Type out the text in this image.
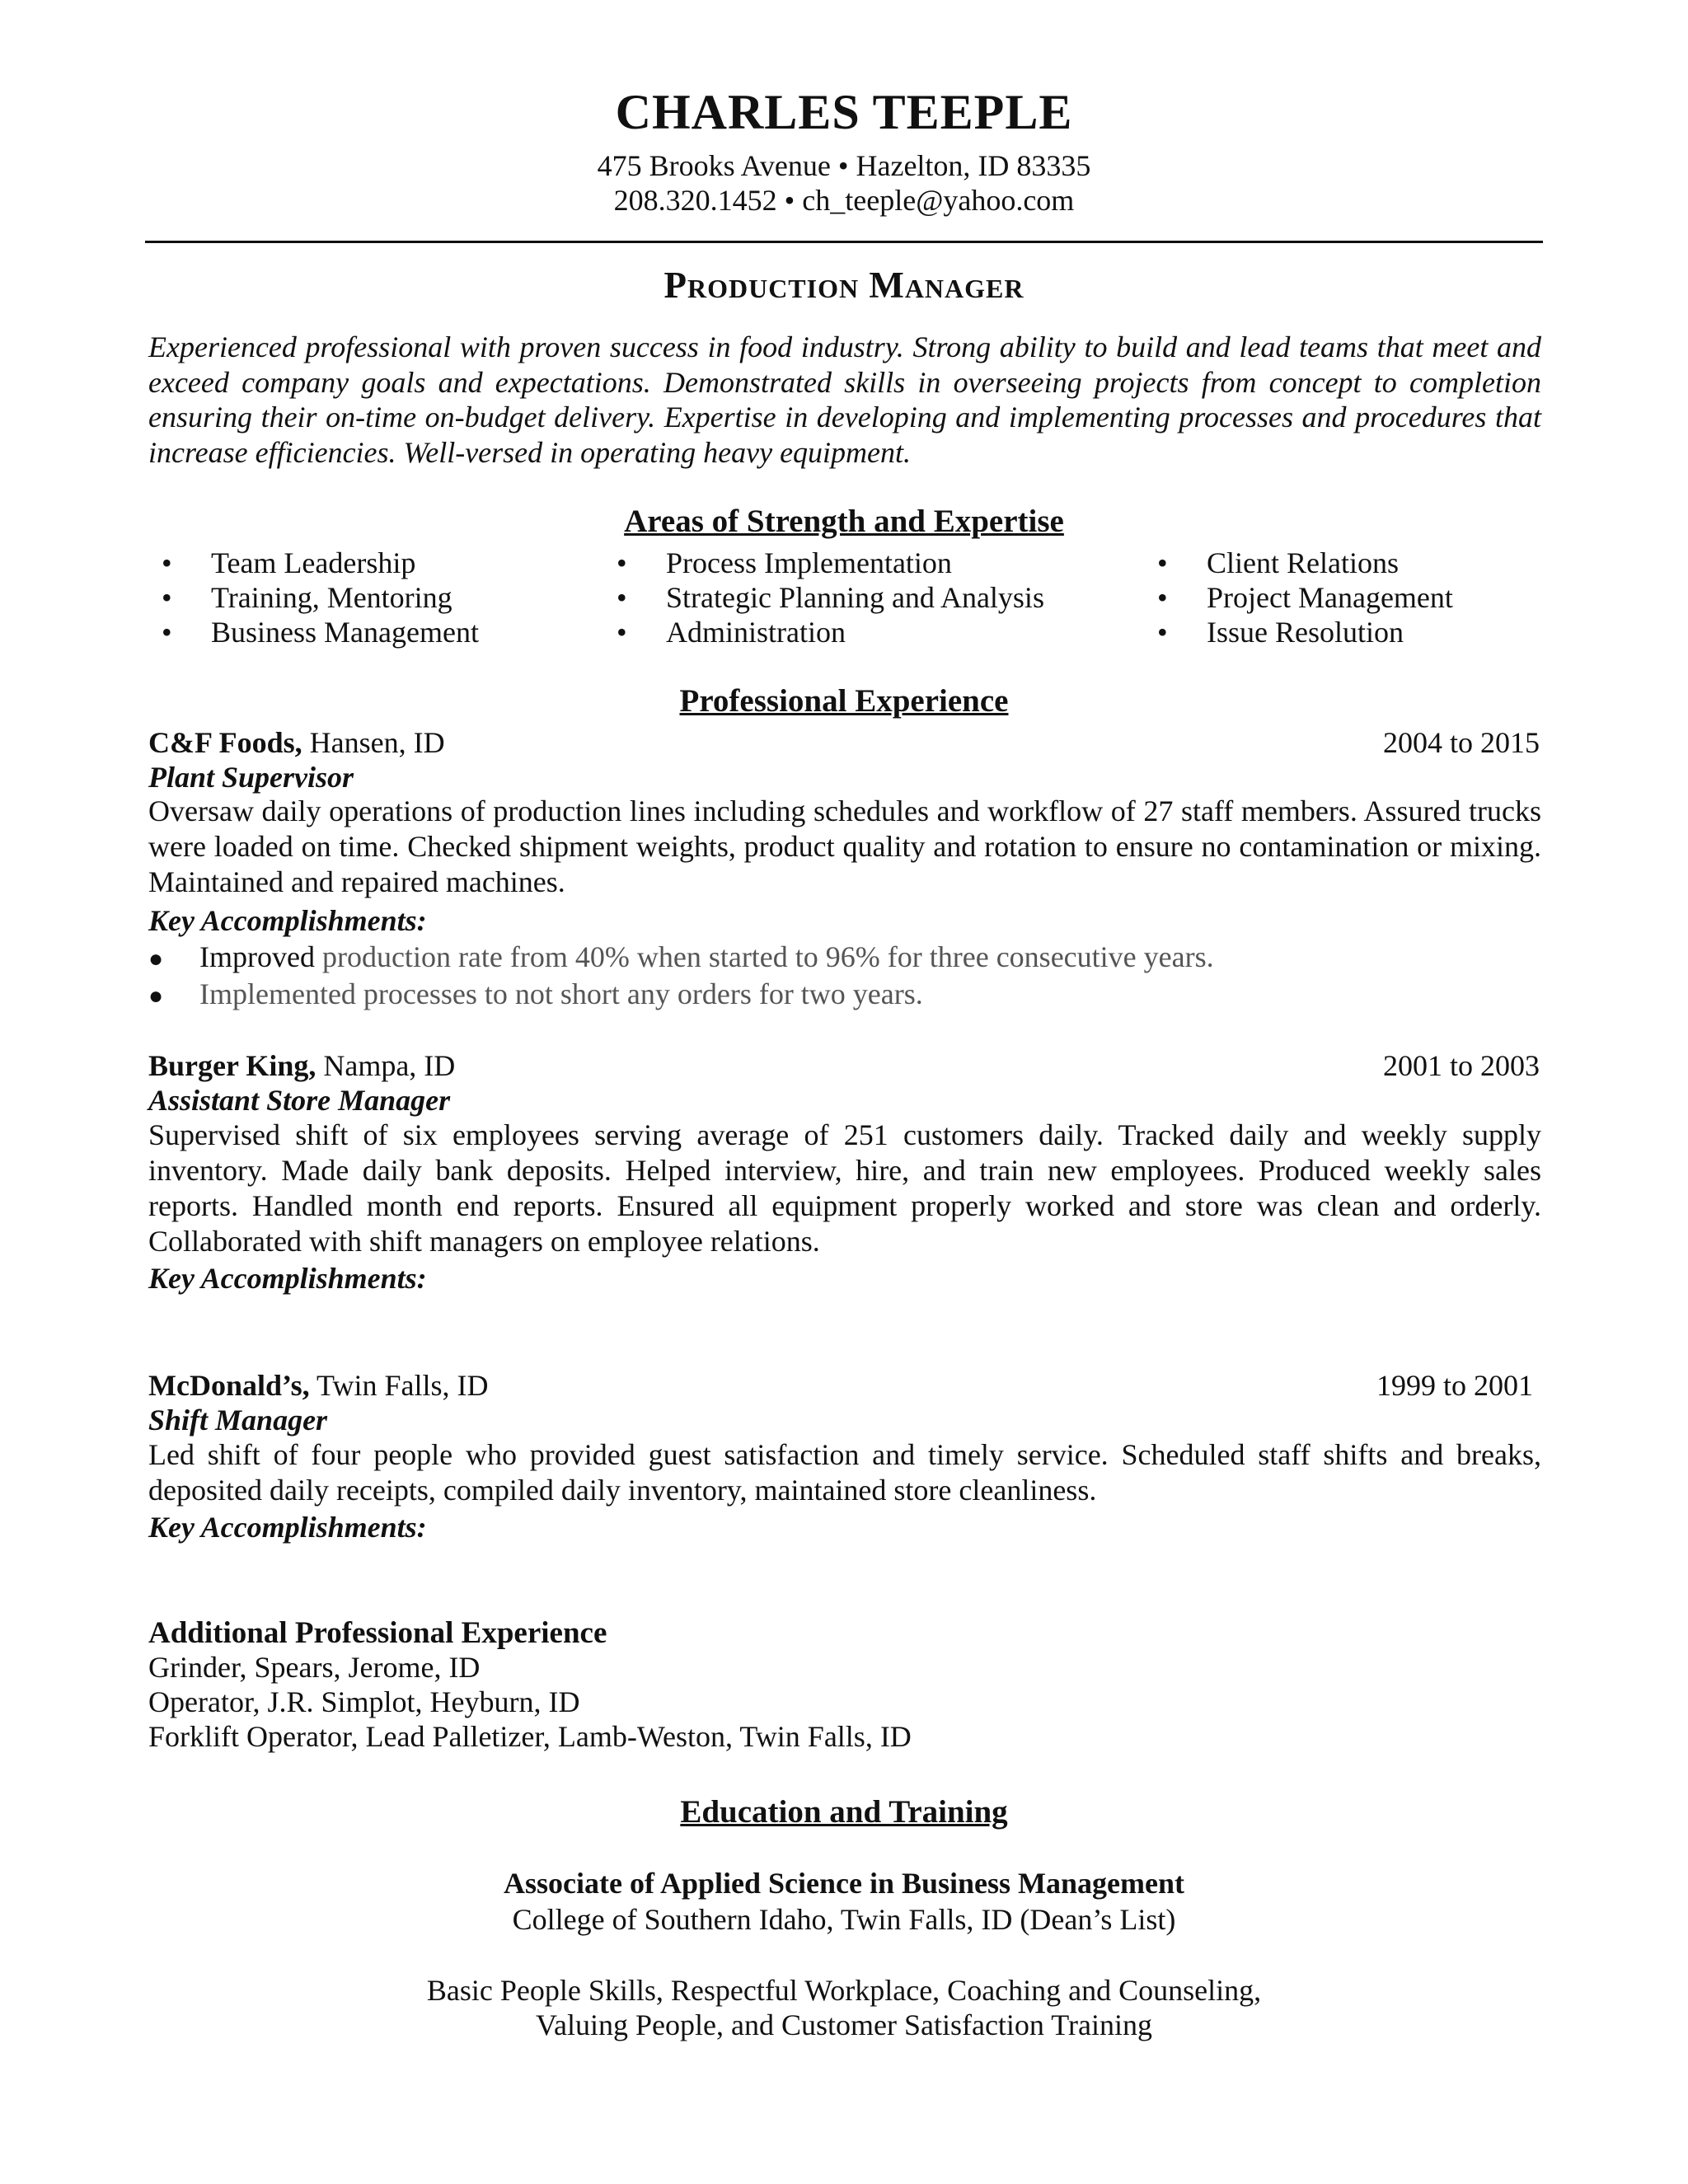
CHARLES TEEPLE
475 Brooks Avenue • Hazelton, ID 83335
208.320.1452 • ch_teeple@yahoo.com
Production Manager
Experienced professional with proven success in food industry. Strong ability to build and lead teams that meet and exceed company goals and expectations. Demonstrated skills in overseeing projects from concept to completion ensuring their on-time on-budget delivery. Expertise in developing and implementing processes and procedures that increase efficiencies. Well-versed in operating heavy equipment.
Areas of Strength and Expertise
• Team Leadership
• Training, Mentoring
• Business Management
• Process Implementation
• Strategic Planning and Analysis
• Administration
• Client Relations
• Project Management
• Issue Resolution
Professional Experience
C&F Foods, Hansen, ID	2004 to 2015
Plant Supervisor
Oversaw daily operations of production lines including schedules and workflow of 27 staff members. Assured trucks were loaded on time. Checked shipment weights, product quality and rotation to ensure no contamination or mixing. Maintained and repaired machines.
Key Accomplishments:
● Improved production rate from 40% when started to 96% for three consecutive years.
● Implemented processes to not short any orders for two years.
Burger King, Nampa, ID	2001 to 2003
Assistant Store Manager
Supervised shift of six employees serving average of 251 customers daily. Tracked daily and weekly supply inventory. Made daily bank deposits. Helped interview, hire, and train new employees. Produced weekly sales reports. Handled month end reports. Ensured all equipment properly worked and store was clean and orderly. Collaborated with shift managers on employee relations.
Key Accomplishments:
McDonald’s, Twin Falls, ID	1999 to 2001
Shift Manager
Led shift of four people who provided guest satisfaction and timely service. Scheduled staff shifts and breaks, deposited daily receipts, compiled daily inventory, maintained store cleanliness.
Key Accomplishments:
Additional Professional Experience
Grinder, Spears, Jerome, ID
Operator, J.R. Simplot, Heyburn, ID
Forklift Operator, Lead Palletizer, Lamb-Weston, Twin Falls, ID
Education and Training
Associate of Applied Science in Business Management
College of Southern Idaho, Twin Falls, ID (Dean’s List)
Basic People Skills, Respectful Workplace, Coaching and Counseling,
Valuing People, and Customer Satisfaction Training
